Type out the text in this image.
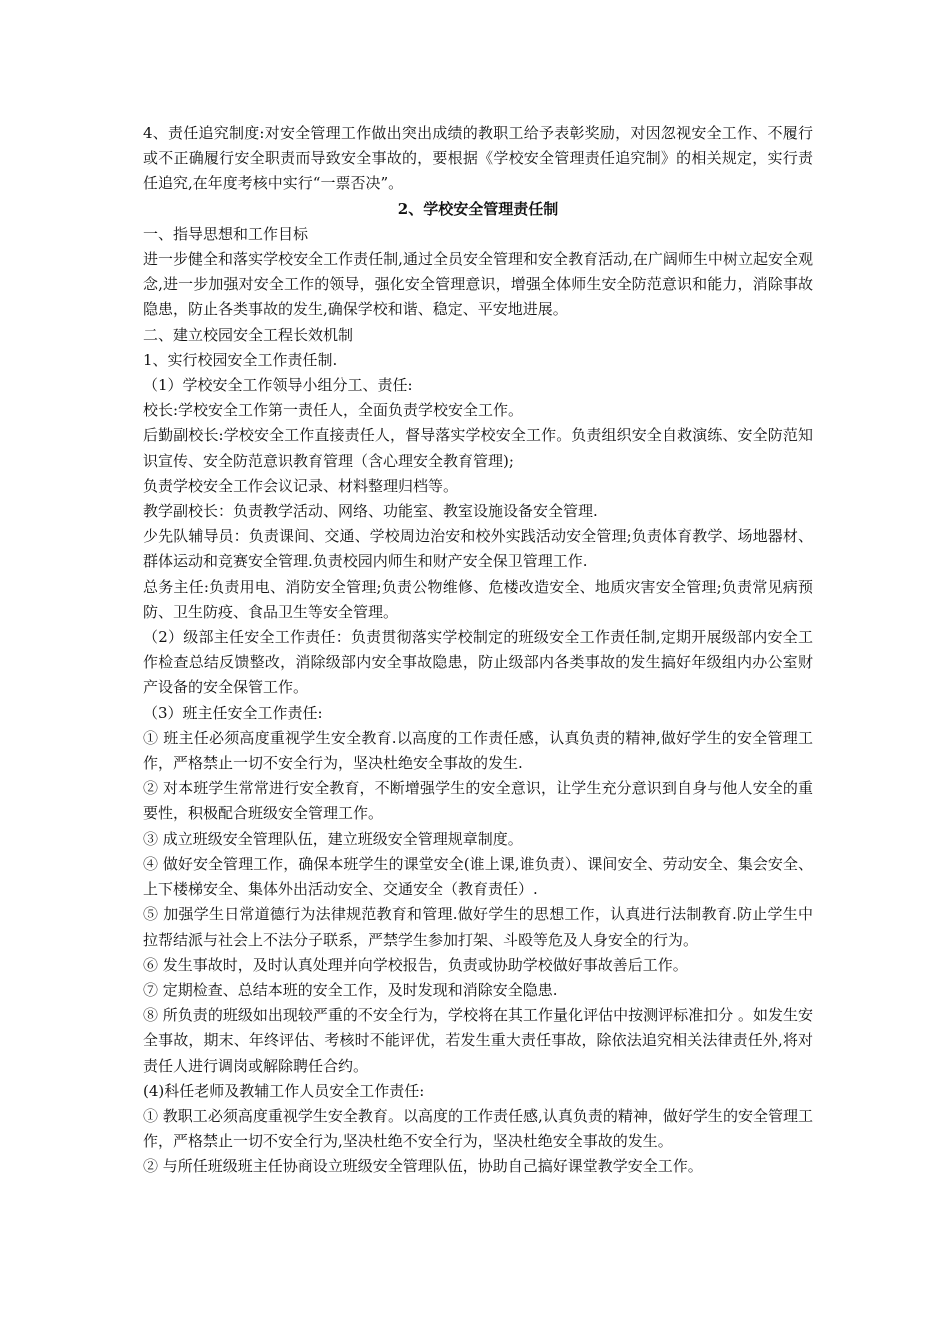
4、责任追究制度:对安全管理工作做出突出成绩的教职工给予表彰奖励，对因忽视安全工作、不履行或不正确履行安全职责而导致安全事故的，要根据《学校安全管理责任追究制》的相关规定，实行责任追究,在年度考核中实行“一票否决”。

2、学校安全管理责任制

一、指导思想和工作目标

进一步健全和落实学校安全工作责任制,通过全员安全管理和安全教育活动,在广阔师生中树立起安全观念,进一步加强对安全工作的领导，强化安全管理意识，增强全体师生安全防范意识和能力，消除事故隐患，防止各类事故的发生,确保学校和谐、稳定、平安地进展。

二、建立校园安全工程长效机制

1、实行校园安全工作责任制.

（1）学校安全工作领导小组分工、责任:

校长:学校安全工作第一责任人，全面负责学校安全工作。

后勤副校长:学校安全工作直接责任人，督导落实学校安全工作。负责组织安全自救演练、安全防范知识宣传、安全防范意识教育管理（含心理安全教育管理);

负责学校安全工作会议记录、材料整理归档等。

教学副校长：负责教学活动、网络、功能室、教室设施设备安全管理.

少先队辅导员：负责课间、交通、学校周边治安和校外实践活动安全管理;负责体育教学、场地器材、群体运动和竞赛安全管理.负责校园内师生和财产安全保卫管理工作.

总务主任:负责用电、消防安全管理;负责公物维修、危楼改造安全、地质灾害安全管理;负责常见病预防、卫生防疫、食品卫生等安全管理。

（2）级部主任安全工作责任：负责贯彻落实学校制定的班级安全工作责任制,定期开展级部内安全工作检查总结反馈整改，消除级部内安全事故隐患，防止级部内各类事故的发生搞好年级组内办公室财产设备的安全保管工作。

（3）班主任安全工作责任:

① 班主任必须高度重视学生安全教育.以高度的工作责任感，认真负责的精神,做好学生的安全管理工作，严格禁止一切不安全行为，坚决杜绝安全事故的发生.

② 对本班学生常常进行安全教育，不断增强学生的安全意识，让学生充分意识到自身与他人安全的重要性，积极配合班级安全管理工作。

③ 成立班级安全管理队伍，建立班级安全管理规章制度。

④ 做好安全管理工作，确保本班学生的课堂安全(谁上课,谁负责）、课间安全、劳动安全、集会安全、上下楼梯安全、集体外出活动安全、交通安全（教育责任）.

⑤ 加强学生日常道德行为法律规范教育和管理.做好学生的思想工作，认真进行法制教育.防止学生中拉帮结派与社会上不法分子联系，严禁学生参加打架、斗殴等危及人身安全的行为。

⑥ 发生事故时，及时认真处理并向学校报告，负责或协助学校做好事故善后工作。

⑦ 定期检查、总结本班的安全工作，及时发现和消除安全隐患.

⑧ 所负责的班级如出现较严重的不安全行为，学校将在其工作量化评估中按测评标准扣分 。如发生安全事故，期末、年终评估、考核时不能评优，若发生重大责任事故，除依法追究相关法律责任外,将对责任人进行调岗或解除聘任合约。

(4)科任老师及教辅工作人员安全工作责任:

① 教职工必须高度重视学生安全教育。以高度的工作责任感,认真负责的精神，做好学生的安全管理工作，严格禁止一切不安全行为,坚决杜绝不安全行为，坚决杜绝安全事故的发生。

② 与所任班级班主任协商设立班级安全管理队伍，协助自己搞好课堂教学安全工作。
